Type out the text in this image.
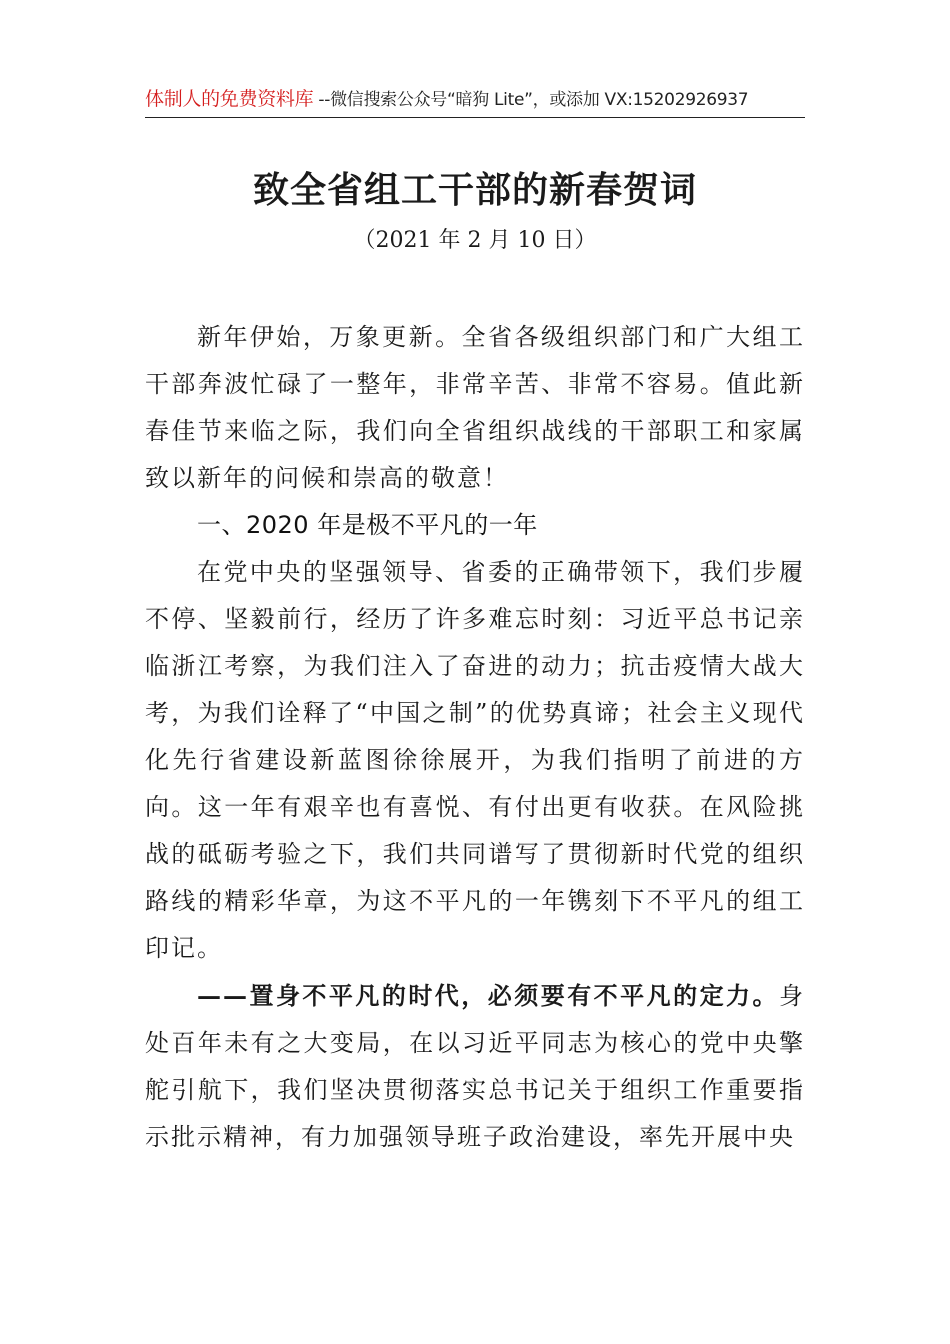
体制人的免费资料库 --微信搜索公众号“暗狗 Lite”，或添加 VX:15202926937
致全省组工干部的新春贺词
（2021 年 2 月 10 日）

新年伊始，万象更新。全省各级组织部门和广大组工干部奔波忙碌了一整年，非常辛苦、非常不容易。值此新春佳节来临之际，我们向全省组织战线的干部职工和家属致以新年的问候和崇高的敬意！

一、2020 年是极不平凡的一年

在党中央的坚强领导、省委的正确带领下，我们步履不停、坚毅前行，经历了许多难忘时刻：习近平总书记亲临浙江考察，为我们注入了奋进的动力；抗击疫情大战大考，为我们诠释了“中国之制”的优势真谛；社会主义现代化先行省建设新蓝图徐徐展开，为我们指明了前进的方向。这一年有艰辛也有喜悦、有付出更有收获。在风险挑战的砥砺考验之下，我们共同谱写了贯彻新时代党的组织路线的精彩华章，为这不平凡的一年镌刻下不平凡的组工印记。

——置身不平凡的时代，必须要有不平凡的定力。身处百年未有之大变局，在以习近平同志为核心的党中央擎舵引航下，我们坚决贯彻落实总书记关于组织工作重要指示批示精神，有力加强领导班子政治建设，率先开展中央
